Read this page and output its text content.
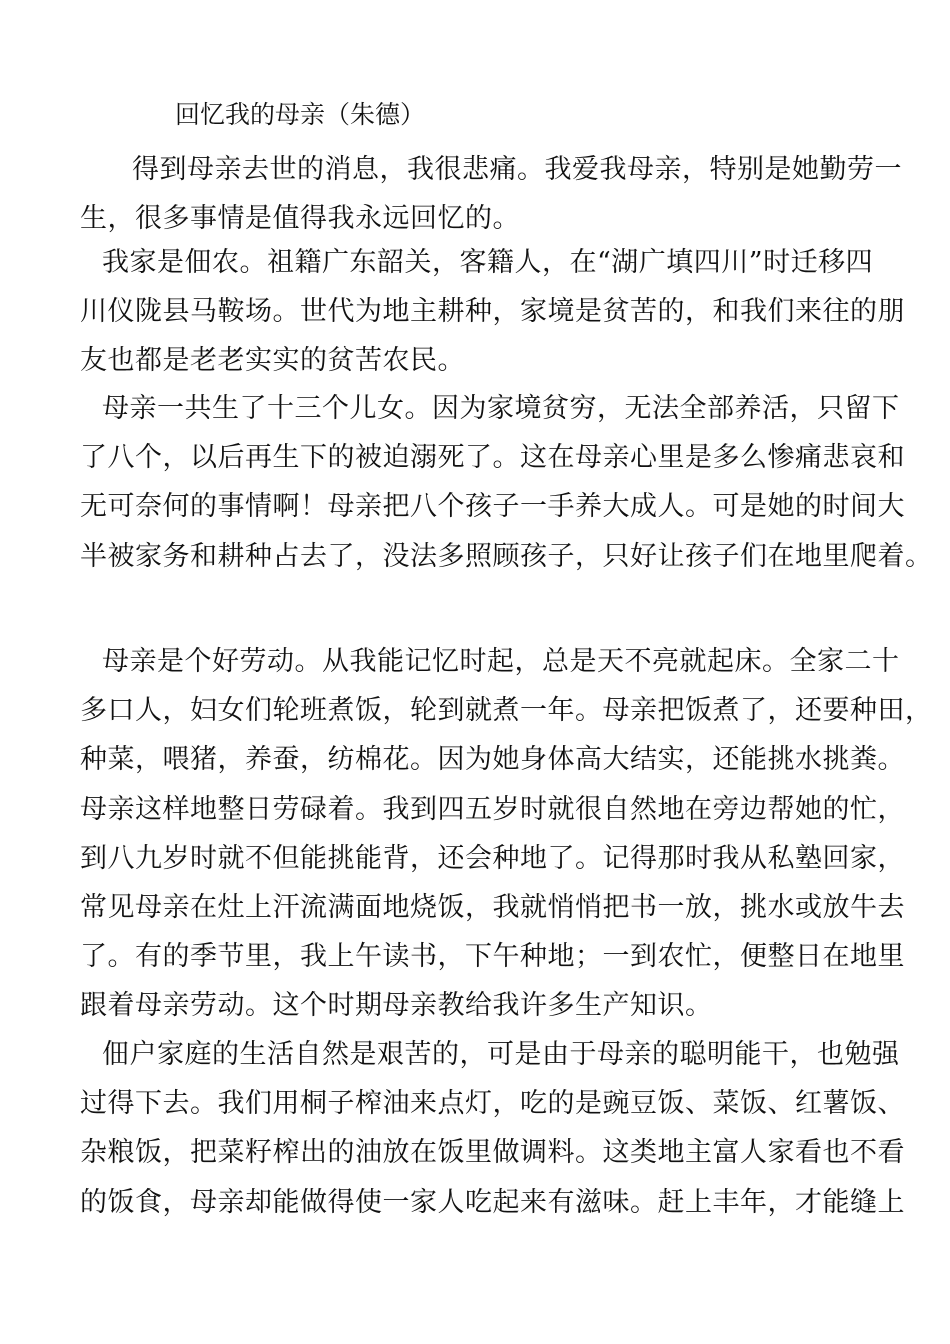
回忆我的母亲（朱德）

得到母亲去世的消息，我很悲痛。我爱我母亲，特别是她勤劳一
生，很多事情是值得我永远回忆的。

我家是佃农。祖籍广东韶关，客籍人，在“湖广填四川”时迁移四
川仪陇县马鞍场。世代为地主耕种，家境是贫苦的，和我们来往的朋
友也都是老老实实的贫苦农民。

母亲一共生了十三个儿女。因为家境贫穷，无法全部养活，只留下
了八个，以后再生下的被迫溺死了。这在母亲心里是多么惨痛悲哀和
无可奈何的事情啊！母亲把八个孩子一手养大成人。可是她的时间大
半被家务和耕种占去了，没法多照顾孩子，只好让孩子们在地里爬着。

母亲是个好劳动。从我能记忆时起，总是天不亮就起床。全家二十
多口人，妇女们轮班煮饭，轮到就煮一年。母亲把饭煮了，还要种田，
种菜，喂猪，养蚕，纺棉花。因为她身体高大结实，还能挑水挑粪。
母亲这样地整日劳碌着。我到四五岁时就很自然地在旁边帮她的忙，
到八九岁时就不但能挑能背，还会种地了。记得那时我从私塾回家，
常见母亲在灶上汗流满面地烧饭，我就悄悄把书一放，挑水或放牛去
了。有的季节里，我上午读书，下午种地；一到农忙，便整日在地里
跟着母亲劳动。这个时期母亲教给我许多生产知识。

佃户家庭的生活自然是艰苦的，可是由于母亲的聪明能干，也勉强
过得下去。我们用桐子榨油来点灯，吃的是豌豆饭、菜饭、红薯饭、
杂粮饭，把菜籽榨出的油放在饭里做调料。这类地主富人家看也不看
的饭食，母亲却能做得使一家人吃起来有滋味。赶上丰年，才能缝上
